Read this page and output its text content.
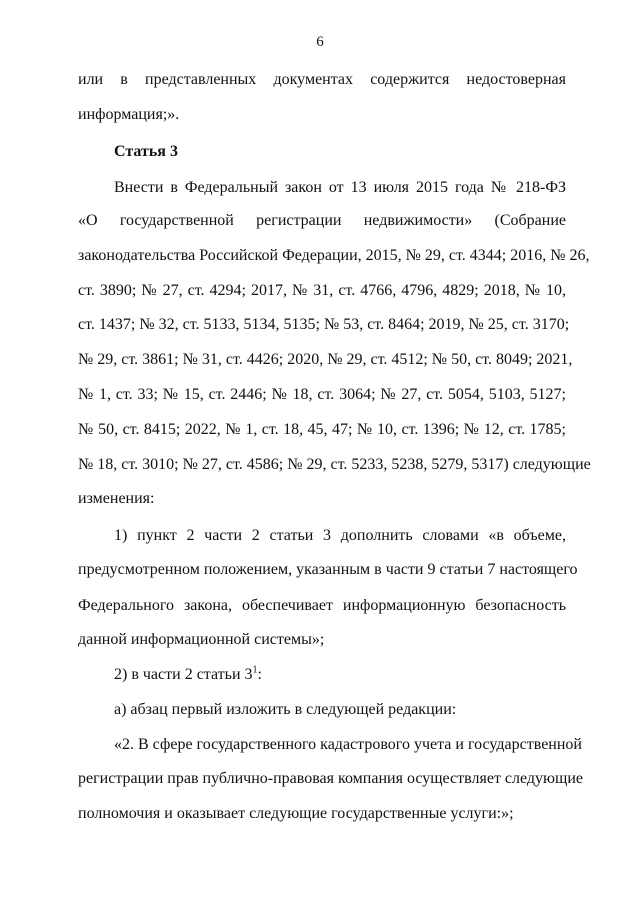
6
или в представленных документах содержится недостоверная
информация;».
Статья 3
Внести в Федеральный закон от 13 июля 2015 года № 218-ФЗ
«О государственной регистрации недвижимости» (Собрание
законодательства Российской Федерации, 2015, № 29, ст. 4344; 2016, № 26,
ст. 3890; № 27, ст. 4294; 2017, № 31, ст. 4766, 4796, 4829; 2018, № 10,
ст. 1437; № 32, ст. 5133, 5134, 5135; № 53, ст. 8464; 2019, № 25, ст. 3170;
№ 29, ст. 3861; № 31, ст. 4426; 2020, № 29, ст. 4512; № 50, ст. 8049; 2021,
№ 1, ст. 33; № 15, ст. 2446; № 18, ст. 3064; № 27, ст. 5054, 5103, 5127;
№ 50, ст. 8415; 2022, № 1, ст. 18, 45, 47; № 10, ст. 1396; № 12, ст. 1785;
№ 18, ст. 3010; № 27, ст. 4586; № 29, ст. 5233, 5238, 5279, 5317) следующие
изменения:
1) пункт 2 части 2 статьи 3 дополнить словами «в объеме,
предусмотренном положением, указанным в части 9 статьи 7 настоящего
Федерального закона, обеспечивает информационную безопасность
данной информационной системы»;
2) в части 2 статьи $3^1$:
а) абзац первый изложить в следующей редакции:
«2. В сфере государственного кадастрового учета и государственной
регистрации прав публично-правовая компания осуществляет следующие
полномочия и оказывает следующие государственные услуги:»;
